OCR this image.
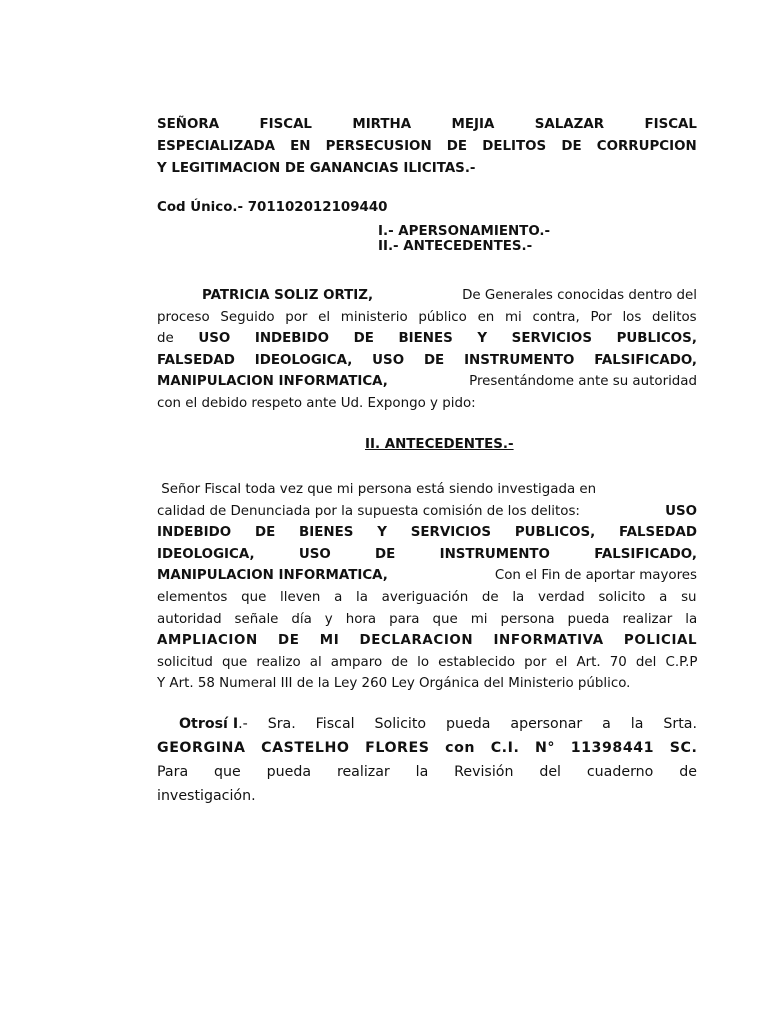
SEÑORA	FISCAL	MIRTHA	MEJIA	SALAZAR	FISCAL
ESPECIALIZADA EN PERSECUSION DE DELITOS DE CORRUPCION
Y LEGITIMACION DE GANANCIAS ILICITAS.-
Cod Único.- 701102012109440
I.- APERSONAMIENTO.-
II.- ANTECEDENTES.-
PATRICIA SOLIZ ORTIZ,	De Generales conocidas dentro del
proceso Seguido por el ministerio público en mi contra, Por los delitos
de USO INDEBIDO DE BIENES Y SERVICIOS PUBLICOS,
FALSEDAD IDEOLOGICA, USO DE INSTRUMENTO FALSIFICADO,
MANIPULACION INFORMATICA,	Presentándome ante su autoridad
con el debido respeto ante Ud. Expongo y pido:
II. ANTECEDENTES.-
Señor Fiscal toda vez que mi persona está siendo investigada en
calidad de Denunciada por la supuesta comisión de los delitos:	USO
INDEBIDO DE BIENES Y SERVICIOS PUBLICOS, FALSEDAD
IDEOLOGICA,	USO	DE	INSTRUMENTO	FALSIFICADO,
MANIPULACION INFORMATICA,	Con el Fin de aportar mayores
elementos que lleven a la averiguación de la verdad solicito a su
autoridad señale día y hora para que mi persona pueda realizar la
AMPLIACION DE MI DECLARACION INFORMATIVA POLICIAL
solicitud que realizo al amparo de lo establecido por el Art. 70 del C.P.P
Y Art. 58 Numeral III de la Ley 260 Ley Orgánica del Ministerio público.
Otrosí I .- Sra. Fiscal Solicito pueda apersonar a la Srta.
GEORGINA CASTELHO FLORES con C.I. N° 11398441 SC.
Para que pueda realizar la Revisión del cuaderno de
investigación.
